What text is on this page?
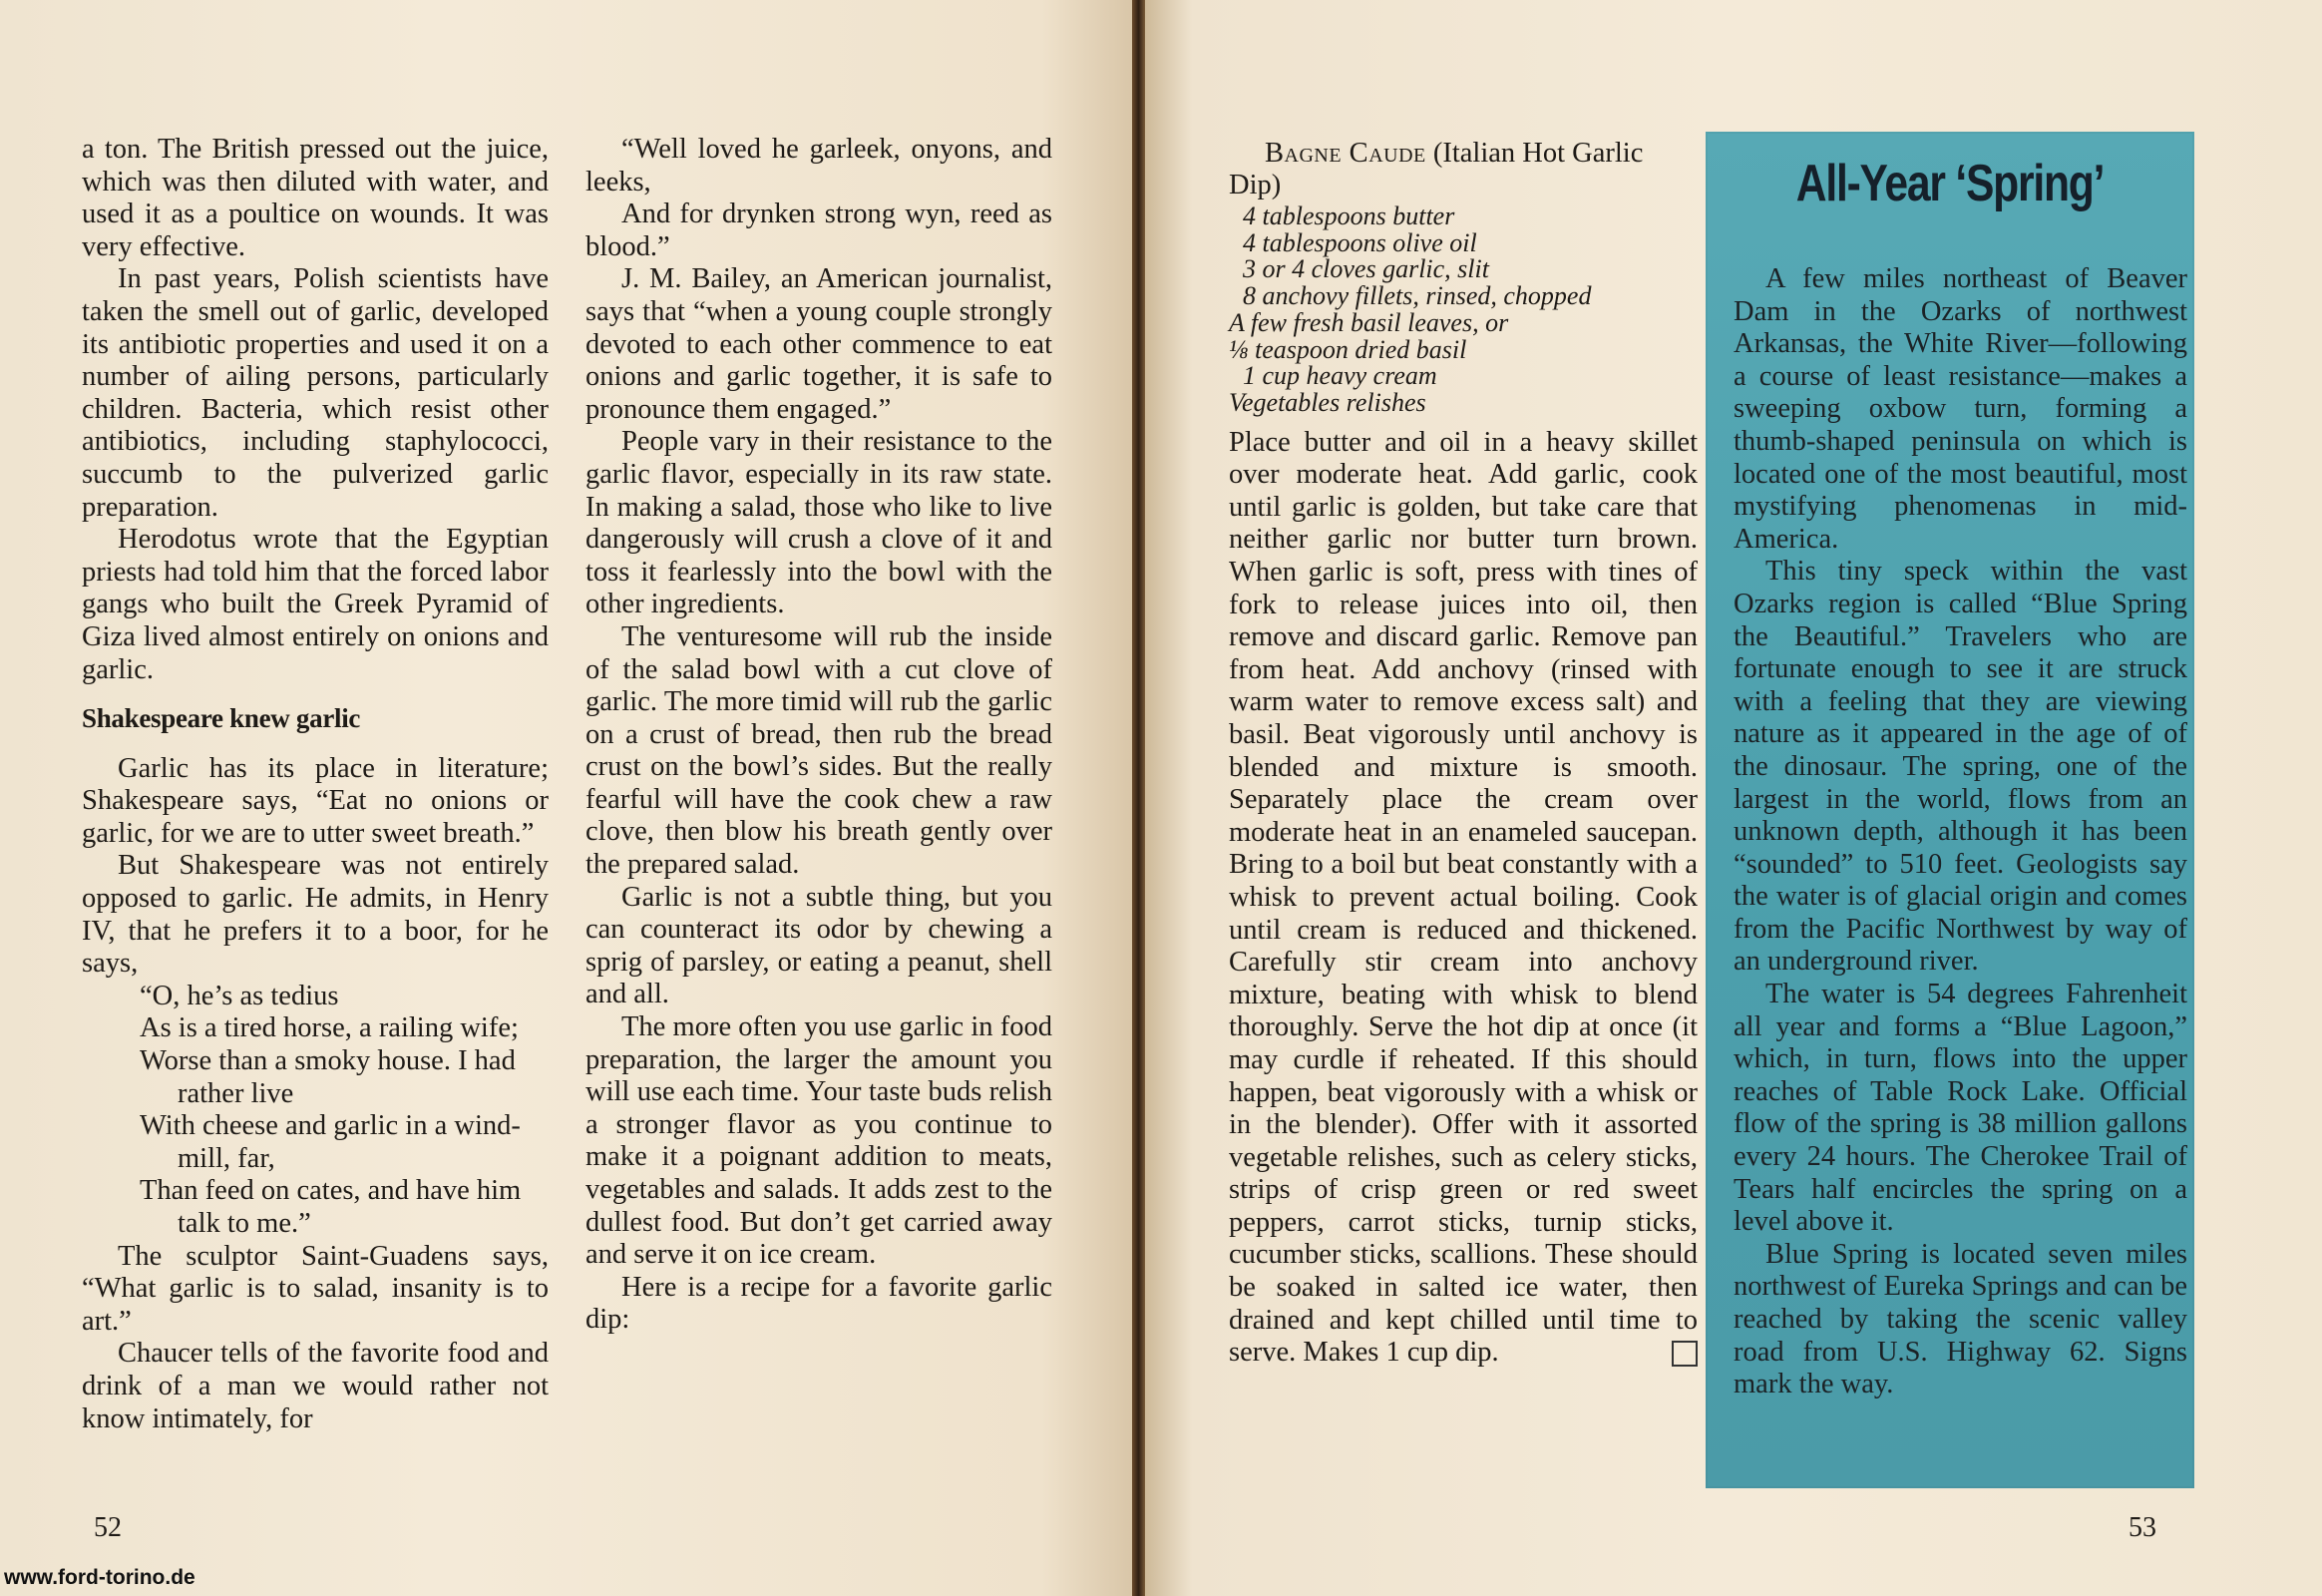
a ton. The British pressed out the juice, which was then diluted with water, and used it as a poultice on wounds. It was very effective.

In past years, Polish scientists have taken the smell out of garlic, developed its antibiotic properties and used it on a number of ailing persons, particularly children. Bacteria, which resist other antibiotics, including staphylococci, succumb to the pulverized garlic preparation.

Herodotus wrote that the Egyptian priests had told him that the forced labor gangs who built the Greek Pyramid of Giza lived almost entirely on onions and garlic.

Shakespeare knew garlic

Garlic has its place in literature; Shakespeare says, “Eat no onions or garlic, for we are to utter sweet breath.”

But Shakespeare was not entirely opposed to garlic. He admits, in Henry IV, that he prefers it to a boor, for he says,

“O, he’s as tedius

As is a tired horse, a railing wife;

Worse than a smoky house. I had
rather live

With cheese and garlic in a wind-
mill, far,

Than feed on cates, and have him
talk to me.”

The sculptor Saint-Guadens says, “What garlic is to salad, insanity is to art.”

Chaucer tells of the favorite food and drink of a man we would rather not know intimately, for

“Well loved he garleek, onyons, and leeks,

And for drynken strong wyn, reed as blood.”

J. M. Bailey, an American journalist, says that “when a young couple strongly devoted to each other commence to eat onions and garlic together, it is safe to pronounce them engaged.”

People vary in their resistance to the garlic flavor, especially in its raw state. In making a salad, those who like to live dangerously will crush a clove of it and toss it fearlessly into the bowl with the other ingredients.

The venturesome will rub the inside of the salad bowl with a cut clove of garlic. The more timid will rub the garlic on a crust of bread, then rub the bread crust on the bowl’s sides. But the really fearful will have the cook chew a raw clove, then blow his breath gently over the prepared salad.

Garlic is not a subtle thing, but you can counteract its odor by chewing a sprig of parsley, or eating a peanut, shell and all.

The more often you use garlic in food preparation, the larger the amount you will use each time. Your taste buds relish a stronger flavor as you continue to make it a poignant addition to meats, vegetables and salads. It adds zest to the dullest food. But don’t get carried away and serve it on ice cream.

Here is a recipe for a favorite garlic dip:

52

Bagne Caude (Italian Hot Garlic Dip)

4 tablespoons butter
4 tablespoons olive oil
3 or 4 cloves garlic, slit
8 anchovy fillets, rinsed, chopped
A few fresh basil leaves, or
⅛ teaspoon dried basil
1 cup heavy cream
Vegetables relishes

Place butter and oil in a heavy skillet over moderate heat. Add garlic, cook until garlic is golden, but take care that neither garlic nor butter turn brown. When garlic is soft, press with tines of fork to release juices into oil, then remove and discard garlic. Remove pan from heat. Add anchovy (rinsed with warm water to remove excess salt) and basil. Beat vigorously until anchovy is blended and mixture is smooth. Separately place the cream over moderate heat in an enameled saucepan. Bring to a boil but beat constantly with a whisk to prevent actual boiling. Cook until cream is reduced and thickened. Carefully stir cream into anchovy mixture, beating with whisk to blend thoroughly. Serve the hot dip at once (it may curdle if reheated. If this should happen, beat vigorously with a whisk or in the blender). Offer with it assorted vegetable relishes, such as celery sticks, strips of crisp green or red sweet peppers, carrot sticks, turnip sticks, cucumber sticks, scallions. These should be soaked in salted ice water, then drained and kept chilled until time to serve. Makes 1 cup dip.

All-Year ‘Spring’

A few miles northeast of Beaver Dam in the Ozarks of northwest Arkansas, the White River—following a course of least resistance—makes a sweeping oxbow turn, forming a thumb-shaped peninsula on which is located one of the most beautiful, most mystifying phenomenas in mid-America.

This tiny speck within the vast Ozarks region is called “Blue Spring the Beautiful.” Travelers who are fortunate enough to see it are struck with a feeling that they are viewing nature as it appeared in the age of of the dinosaur. The spring, one of the largest in the world, flows from an unknown depth, although it has been “sounded” to 510 feet. Geologists say the water is of glacial origin and comes from the Pacific Northwest by way of an underground river.

The water is 54 degrees Fahrenheit all year and forms a “Blue Lagoon,” which, in turn, flows into the upper reaches of Table Rock Lake. Official flow of the spring is 38 million gallons every 24 hours. The Cherokee Trail of Tears half encircles the spring on a level above it.

Blue Spring is located seven miles northwest of Eureka Springs and can be reached by taking the scenic valley road from U.S. Highway 62. Signs mark the way.

53
www.ford-torino.de
